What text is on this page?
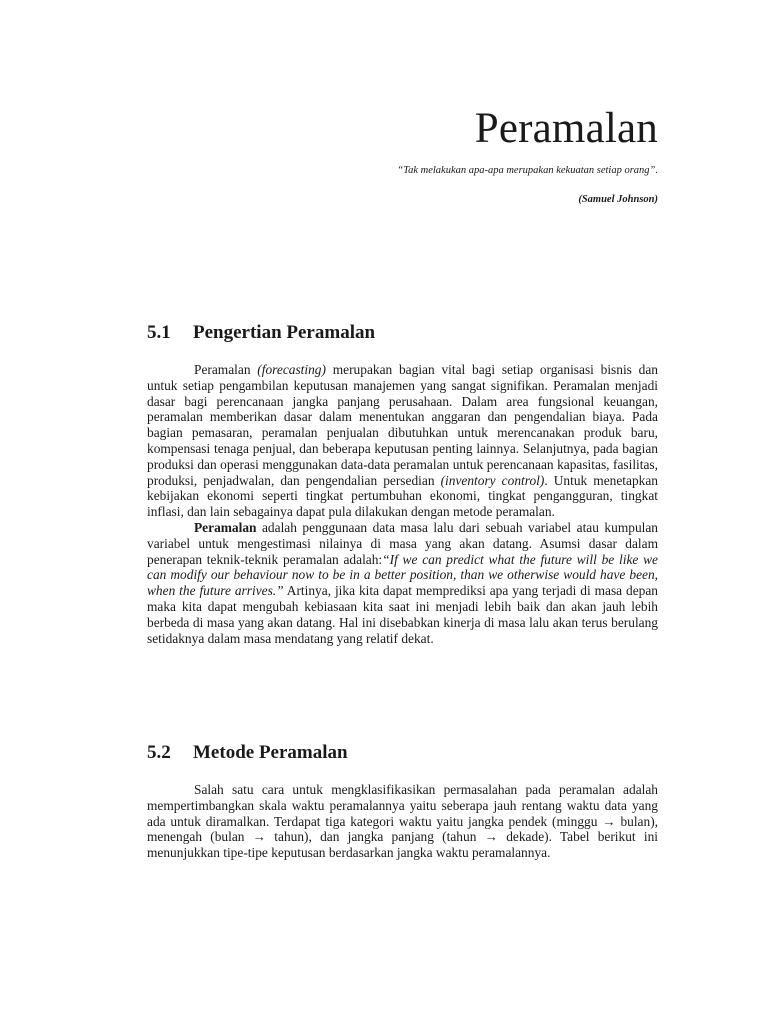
Peramalan

“Tak melakukan apa-apa merupakan kekuatan setiap orang”.

(Samuel Johnson)

5.1 Pengertian Peramalan

Peramalan (forecasting) merupakan bagian vital bagi setiap organisasi bisnis dan untuk setiap pengambilan keputusan manajemen yang sangat signifikan. Peramalan menjadi dasar bagi perencanaan jangka panjang perusahaan. Dalam area fungsional keuangan, peramalan memberikan dasar dalam menentukan anggaran dan pengendalian biaya. Pada bagian pemasaran, peramalan penjualan dibutuhkan untuk merencanakan produk baru, kompensasi tenaga penjual, dan beberapa keputusan penting lainnya. Selanjutnya, pada bagian produksi dan operasi menggunakan data-data peramalan untuk perencanaan kapasitas, fasilitas, produksi, penjadwalan, dan pengendalian persedian (inventory control). Untuk menetapkan kebijakan ekonomi seperti tingkat pertumbuhan ekonomi, tingkat pengangguran, tingkat inflasi, dan lain sebagainya dapat pula dilakukan dengan metode peramalan.

Peramalan adalah penggunaan data masa lalu dari sebuah variabel atau kumpulan variabel untuk mengestimasi nilainya di masa yang akan datang. Asumsi dasar dalam penerapan teknik-teknik peramalan adalah:“If we can predict what the future will be like we can modify our behaviour now to be in a better position, than we otherwise would have been, when the future arrives.” Artinya, jika kita dapat memprediksi apa yang terjadi di masa depan maka kita dapat mengubah kebiasaan kita saat ini menjadi lebih baik dan akan jauh lebih berbeda di masa yang akan datang. Hal ini disebabkan kinerja di masa lalu akan terus berulang setidaknya dalam masa mendatang yang relatif dekat.

5.2 Metode Peramalan

Salah satu cara untuk mengklasifikasikan permasalahan pada peramalan adalah mempertimbangkan skala waktu peramalannya yaitu seberapa jauh rentang waktu data yang ada untuk diramalkan. Terdapat tiga kategori waktu yaitu jangka pendek (minggu → bulan), menengah (bulan → tahun), dan jangka panjang (tahun → dekade). Tabel berikut ini menunjukkan tipe-tipe keputusan berdasarkan jangka waktu peramalannya.
